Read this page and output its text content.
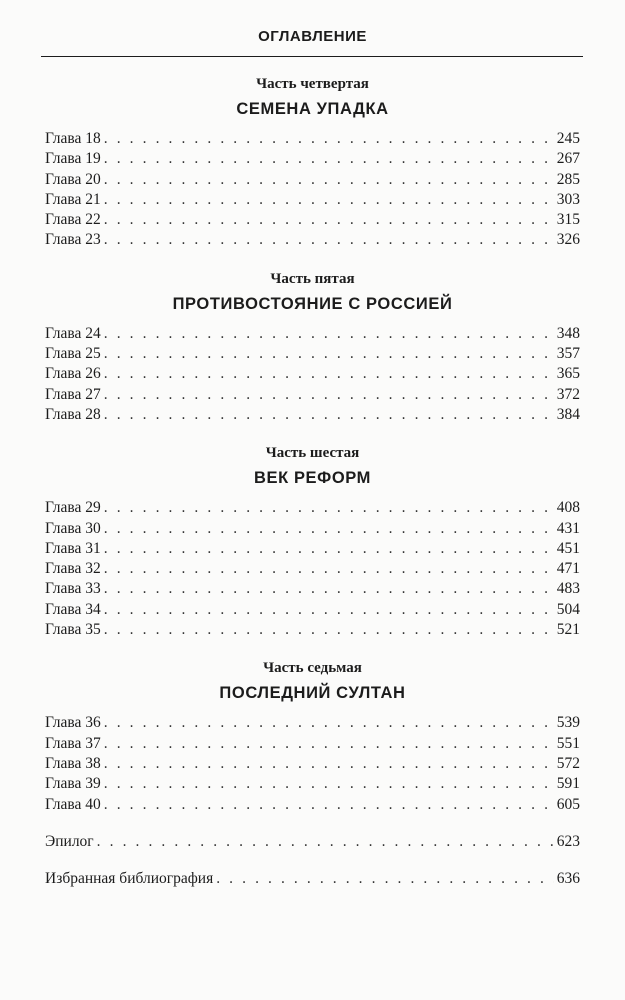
ОГЛАВЛЕНИЕ
Часть четвертая
СЕМЕНА УПАДКА
Глава 18 . . .	245
Глава 19 . . .	267
Глава 20 . . .	285
Глава 21 . . .	303
Глава 22 . . .	315
Глава 23 . . .	326
Часть пятая
ПРОТИВОСТОЯНИЕ С РОССИЕЙ
Глава 24 . . .	348
Глава 25 . . .	357
Глава 26 . . .	365
Глава 27 . . .	372
Глава 28 . . .	384
Часть шестая
ВЕК РЕФОРМ
Глава 29 . . .	408
Глава 30 . . .	431
Глава 31 . . .	451
Глава 32 . . .	471
Глава 33 . . .	483
Глава 34 . . .	504
Глава 35 . . .	521
Часть седьмая
ПОСЛЕДНИЙ СУЛТАН
Глава 36 . . .	539
Глава 37 . . .	551
Глава 38 . . .	572
Глава 39 . . .	591
Глава 40 . . .	605
Эпилог . . .	623
Избранная библиография . . .	636
